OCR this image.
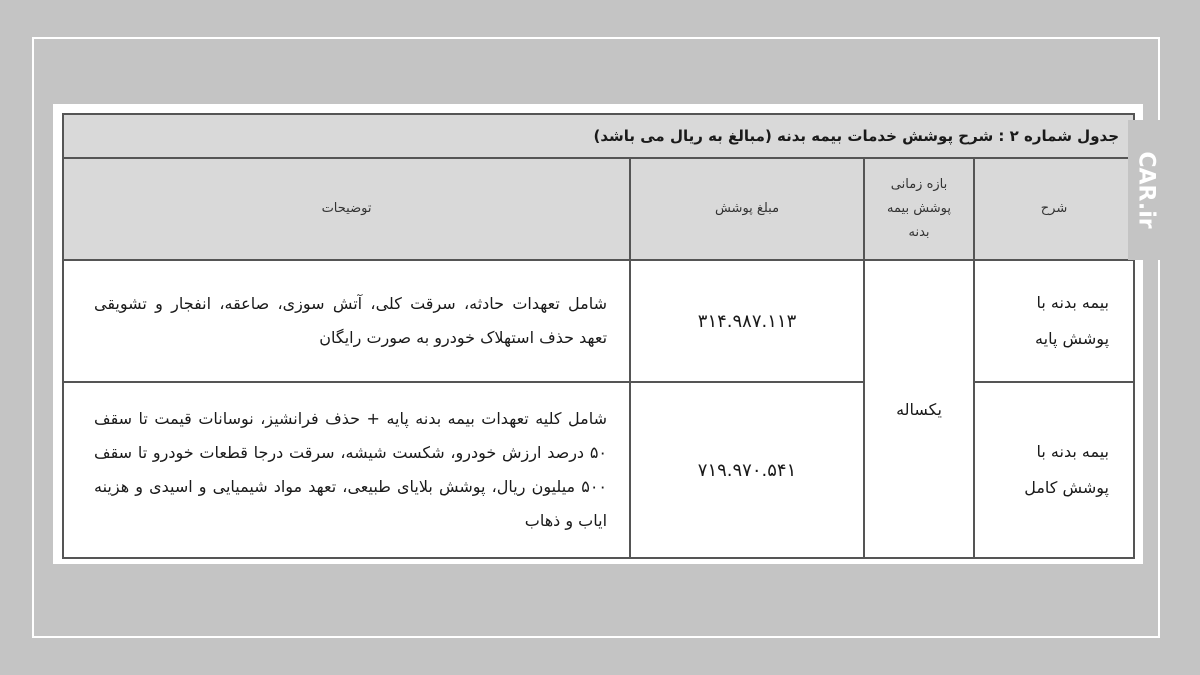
جدول شماره ۲ : شرح پوشش خدمات بیمه بدنه (مبالغ به ریال می باشد)			
شرح	بازه زمانی پوشش بیمه بدنه	مبلغ پوشش	توضیحات
بیمه بدنه با پوشش پایه	یکساله	۳۱۴.۹۸۷.۱۱۳	شامل تعهدات حادثه، سرقت کلی، آتش سوزی، صاعقه، انفجار و تشویقی تعهد حذف استهلاک خودرو به صورت رایگان
بیمه بدنه با پوشش کامل		۷۱۹.۹۷۰.۵۴۱	شامل کلیه تعهدات بیمه بدنه پایه + حذف فرانشیز، نوسانات قیمت تا سقف ۵۰ درصد ارزش خودرو، شکست شیشه، سرقت درجا قطعات خودرو تا سقف ۵۰۰ میلیون ریال، پوشش بلایای طبیعی، تعهد مواد شیمیایی و اسیدی و هزینه ایاب و ذهاب
CAR.ir
